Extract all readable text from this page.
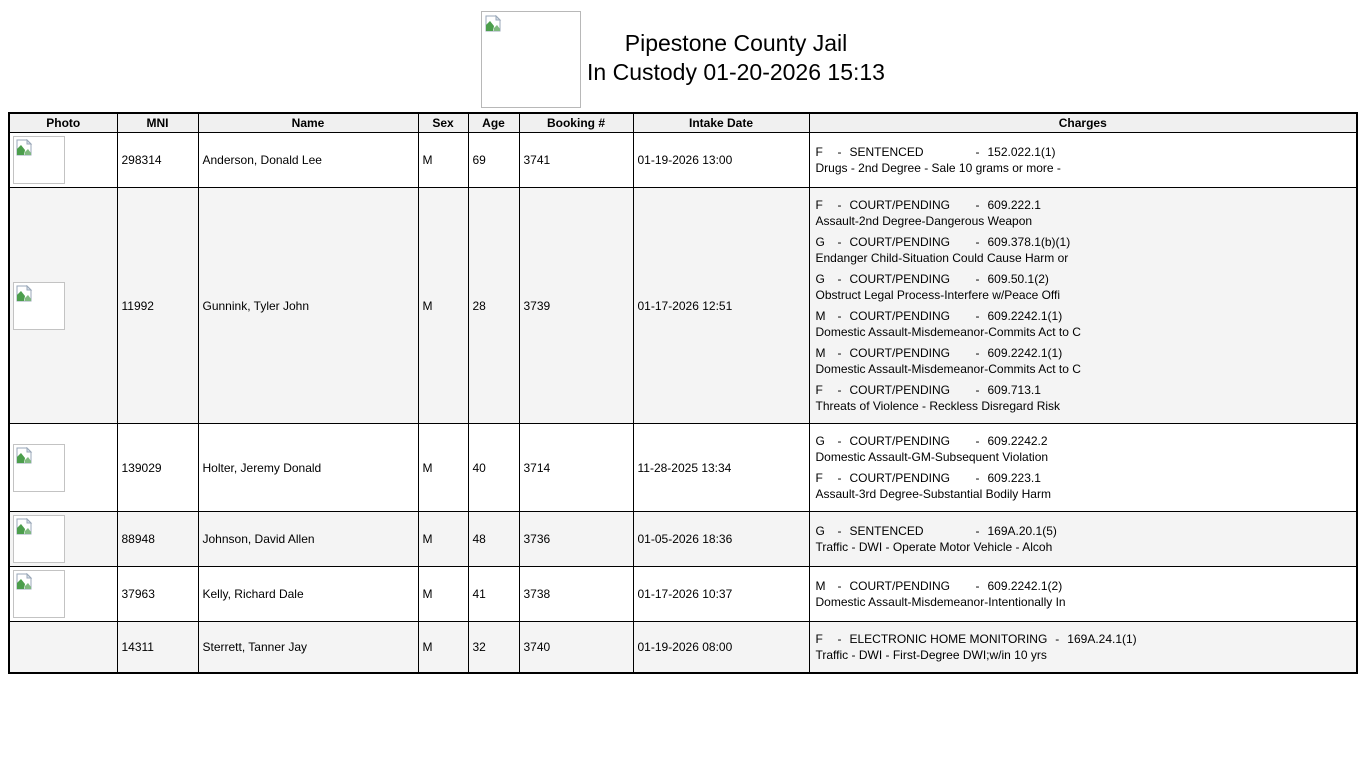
Pipestone County Jail
In Custody 01-20-2026 15:13
Photo	MNI	Name	Sex	Age	Booking #	Intake Date	Charges

	298314	Anderson, Donald Lee	M	69	3741	01-19-2026 13:00	F - SENTENCED - 152.022.1(1)
Drugs - 2nd Degree - Sale 10 grams or more -

	11992	Gunnink, Tyler John	M	28	3739	01-17-2026 12:51	
F - COURT/PENDING - 609.222.1
Assault-2nd Degree-Dangerous Weapon
G - COURT/PENDING - 609.378.1(b)(1)
Endanger Child-Situation Could Cause Harm or
G - COURT/PENDING - 609.50.1(2)
Obstruct Legal Process-Interfere w/Peace Offi
M - COURT/PENDING - 609.2242.1(1)
Domestic Assault-Misdemeanor-Commits Act to C
M - COURT/PENDING - 609.2242.1(1)
Domestic Assault-Misdemeanor-Commits Act to C
F - COURT/PENDING - 609.713.1
Threats of Violence - Reckless Disregard Risk

	139029	Holter, Jeremy Donald	M	40	3714	11-28-2025 13:34	G - COURT/PENDING - 609.2242.2
Domestic Assault-GM-Subsequent Violation
F - COURT/PENDING - 609.223.1
Assault-3rd Degree-Substantial Bodily Harm

	88948	Johnson, David Allen	M	48	3736	01-05-2026 18:36	G - SENTENCED - 169A.20.1(5)
Traffic - DWI - Operate Motor Vehicle - Alcoh

	37963	Kelly, Richard Dale	M	41	3738	01-17-2026 10:37	M - COURT/PENDING - 609.2242.1(2)
Domestic Assault-Misdemeanor-Intentionally In

	14311	Sterrett, Tanner Jay	M	32	3740	01-19-2026 08:00	F - ELECTRONIC HOME MONITORING - 169A.24.1(1)
Traffic - DWI - First-Degree DWI;w/in 10 yrs
